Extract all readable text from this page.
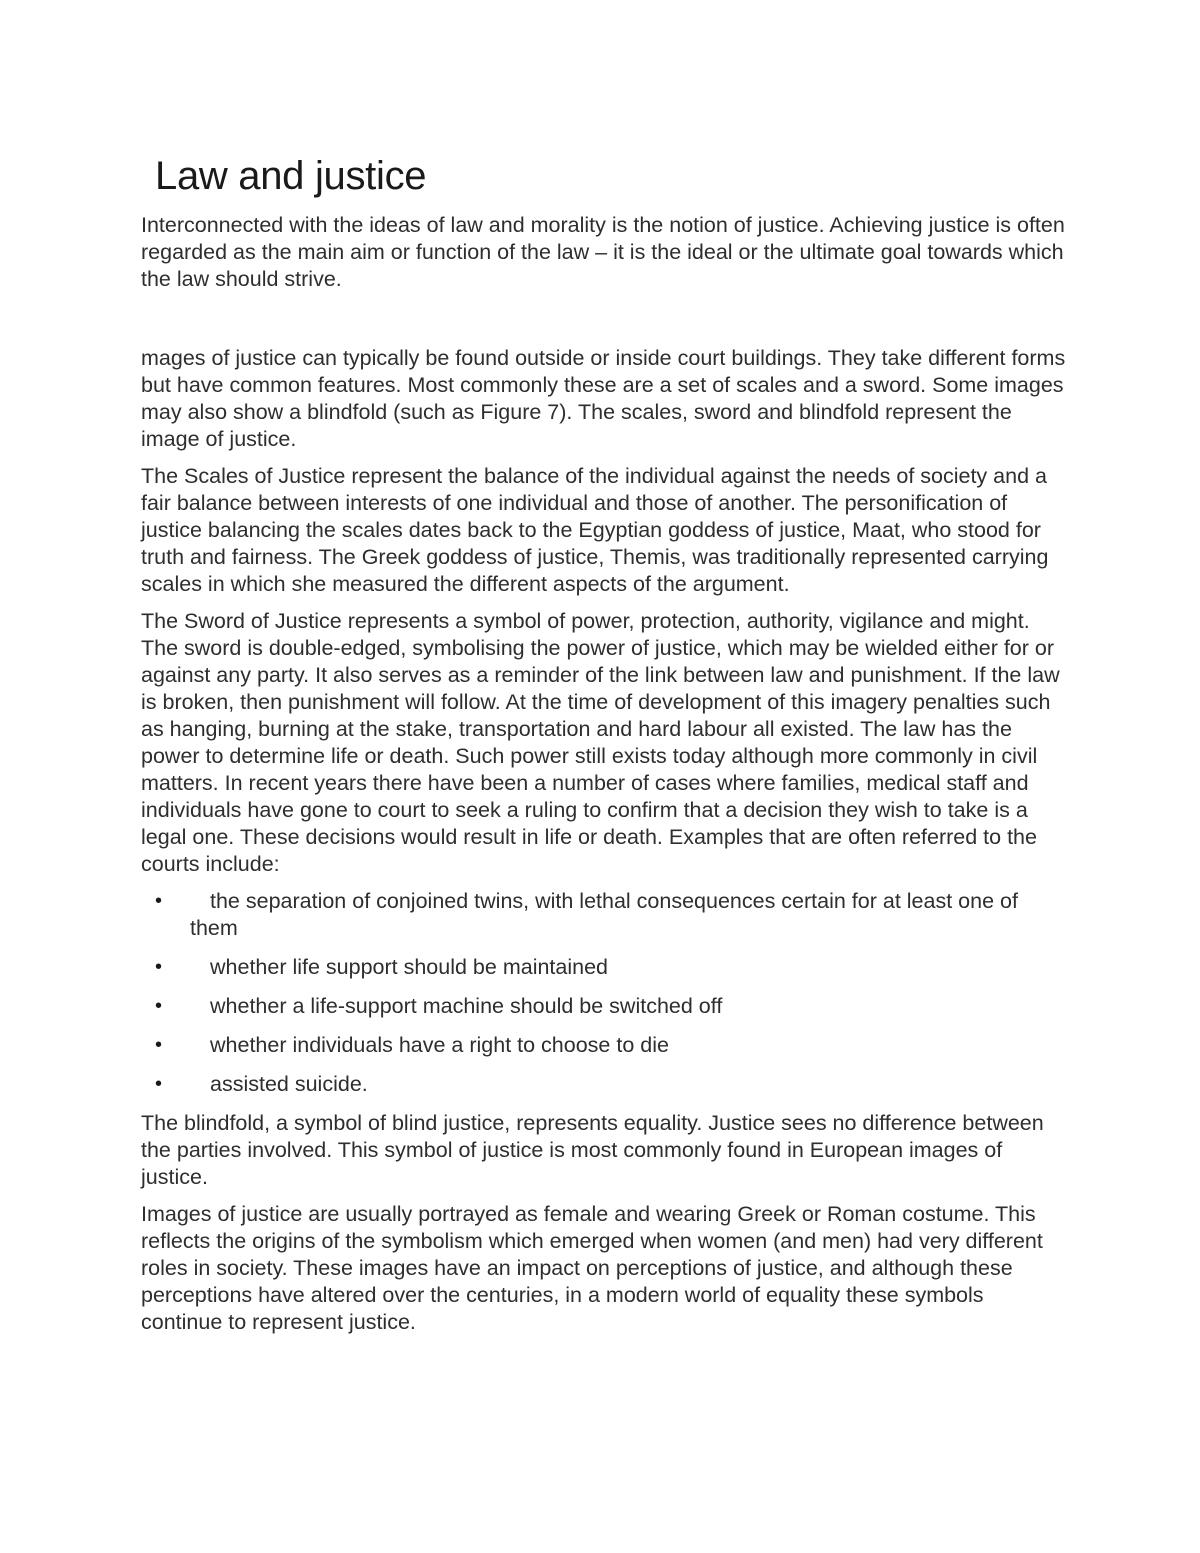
Law and justice

Interconnected with the ideas of law and morality is the notion of justice. Achieving justice is often regarded as the main aim or function of the law – it is the ideal or the ultimate goal towards which the law should strive.

mages of justice can typically be found outside or inside court buildings. They take different forms but have common features. Most commonly these are a set of scales and a sword. Some images may also show a blindfold (such as Figure 7). The scales, sword and blindfold represent the image of justice.

The Scales of Justice represent the balance of the individual against the needs of society and a fair balance between interests of one individual and those of another. The personification of justice balancing the scales dates back to the Egyptian goddess of justice, Maat, who stood for truth and fairness. The Greek goddess of justice, Themis, was traditionally represented carrying scales in which she measured the different aspects of the argument.

The Sword of Justice represents a symbol of power, protection, authority, vigilance and might. The sword is double-edged, symbolising the power of justice, which may be wielded either for or against any party. It also serves as a reminder of the link between law and punishment. If the law is broken, then punishment will follow. At the time of development of this imagery penalties such as hanging, burning at the stake, transportation and hard labour all existed. The law has the power to determine life or death. Such power still exists today although more commonly in civil matters. In recent years there have been a number of cases where families, medical staff and individuals have gone to court to seek a ruling to confirm that a decision they wish to take is a legal one. These decisions would result in life or death. Examples that are often referred to the courts include:

• the separation of conjoined twins, with lethal consequences certain for at least one of them
• whether life support should be maintained
• whether a life-support machine should be switched off
• whether individuals have a right to choose to die
• assisted suicide.

The blindfold, a symbol of blind justice, represents equality. Justice sees no difference between the parties involved. This symbol of justice is most commonly found in European images of justice.

Images of justice are usually portrayed as female and wearing Greek or Roman costume. This reflects the origins of the symbolism which emerged when women (and men) had very different roles in society. These images have an impact on perceptions of justice, and although these perceptions have altered over the centuries, in a modern world of equality these symbols continue to represent justice.
